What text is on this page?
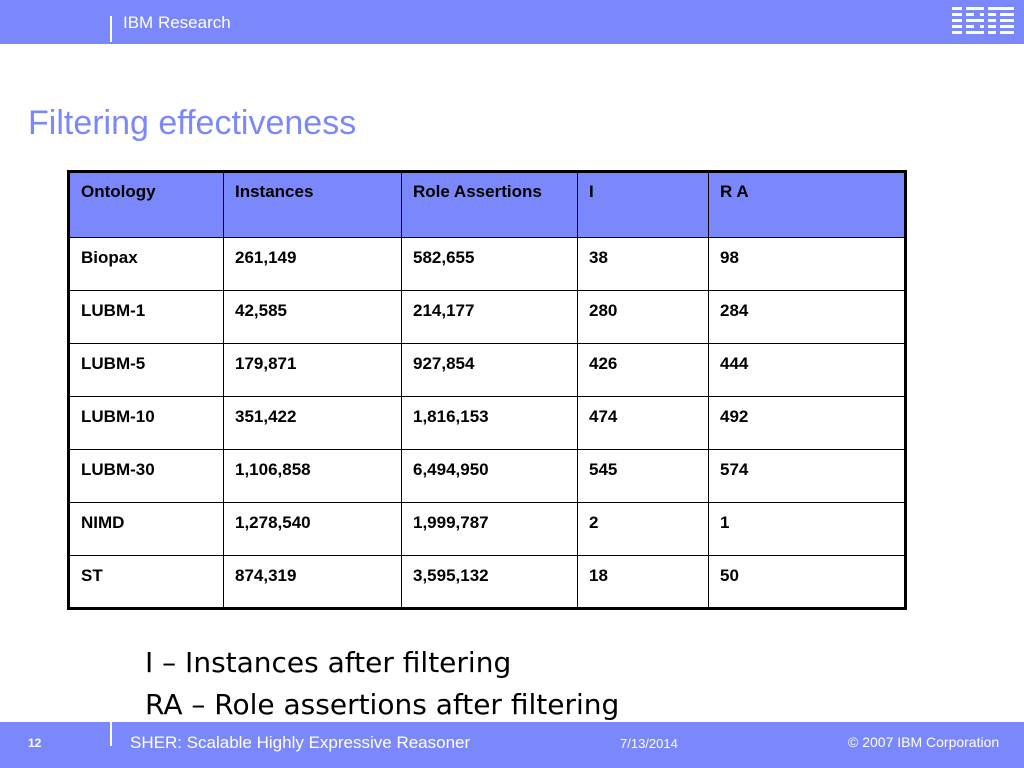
IBM Research
Filtering effectiveness
Ontology	Instances	Role Assertions	I	R A
Biopax	261,149	582,655	38	98
LUBM-1	42,585	214,177	280	284
LUBM-5	179,871	927,854	426	444
LUBM-10	351,422	1,816,153	474	492
LUBM-30	1,106,858	6,494,950	545	574
NIMD	1,278,540	1,999,787	2	1
ST	874,319	3,595,132	18	50
I – Instances after filtering
RA – Role assertions after filtering
12	SHER: Scalable Highly Expressive Reasoner	7/13/2014	© 2007 IBM Corporation
